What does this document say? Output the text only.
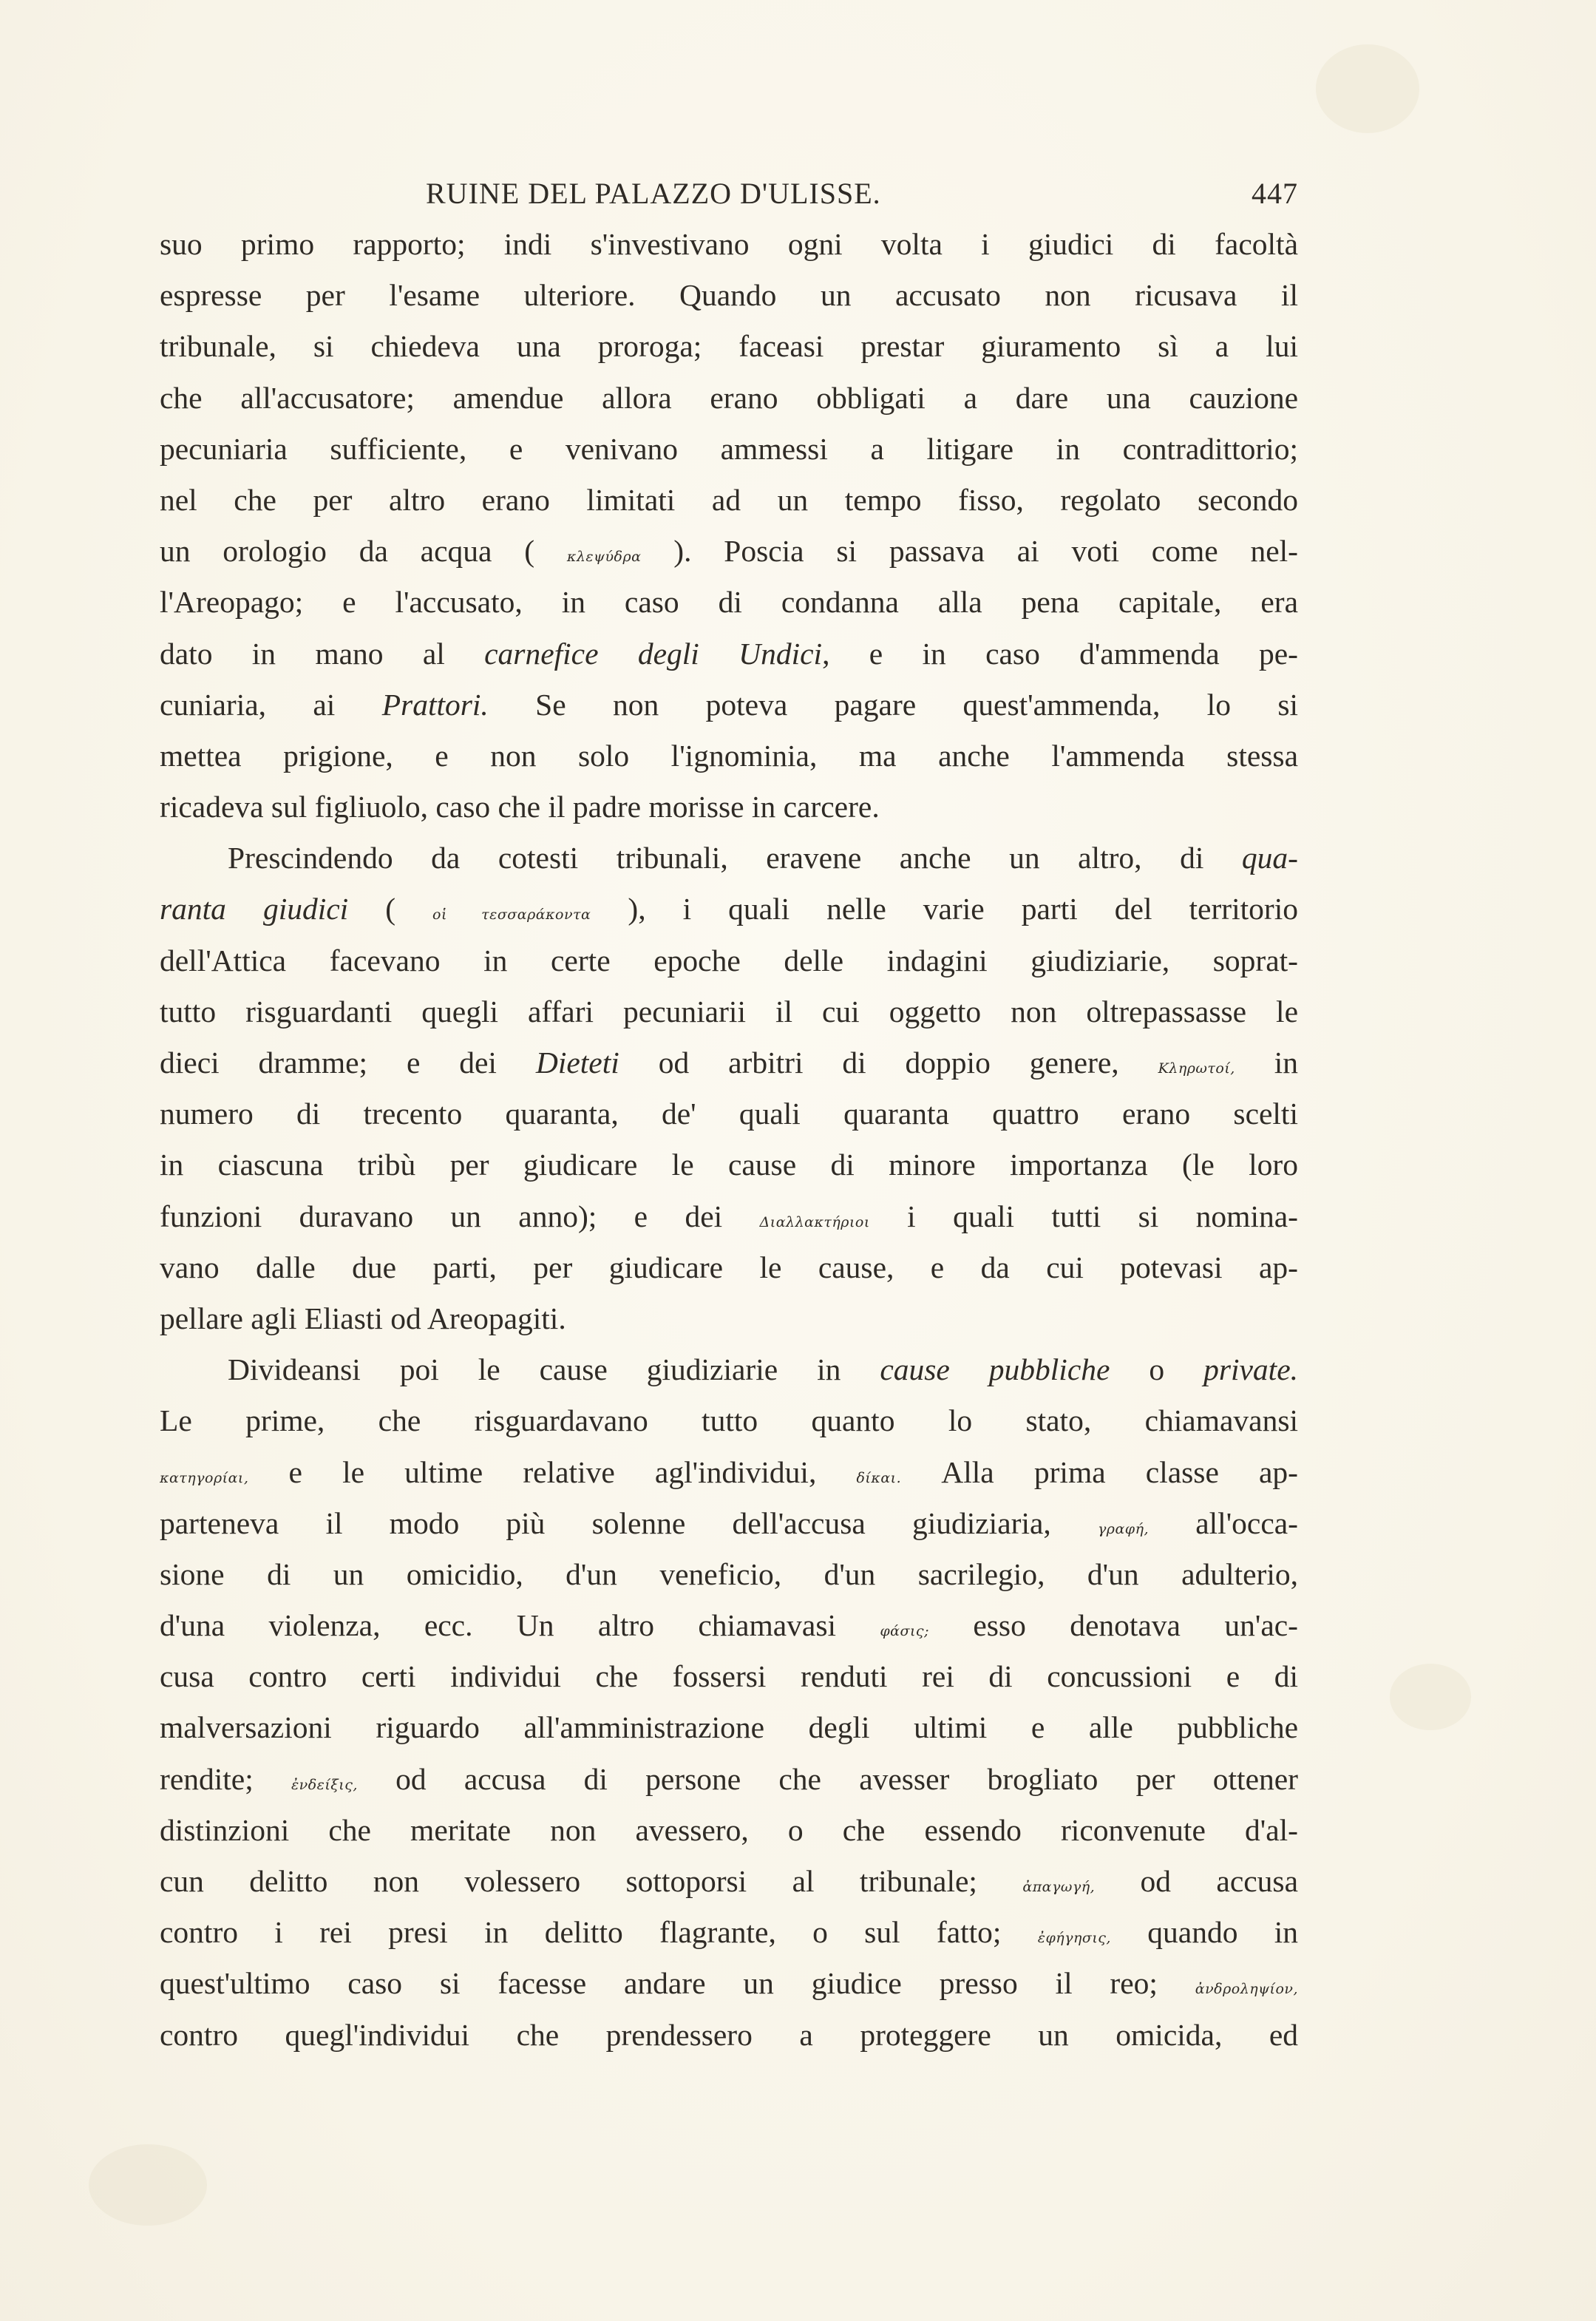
RUINE DEL PALAZZO D'ULISSE.	447
suo primo rapporto; indi s'investivano ogni volta i giudici di facoltà
espresse per l'esame ulteriore. Quando un accusato non ricusava il
tribunale, si chiedeva una proroga; faceasi prestar giuramento sì a lui
che all'accusatore; amendue allora erano obbligati a dare una cauzione
pecuniaria sufficiente, e venivano ammessi a litigare in contradittorio;
nel che per altro erano limitati ad un tempo fisso, regolato secondo
un orologio da acqua ( κλεψύδρα ). Poscia si passava ai voti come nel-
l'Areopago; e l'accusato, in caso di condanna alla pena capitale, era
dato in mano al carnefice degli Undici, e in caso d'ammenda pe-
cuniaria, ai Prattori. Se non poteva pagare quest'ammenda, lo si
mettea prigione, e non solo l'ignominia, ma anche l'ammenda stessa
ricadeva sul figliuolo, caso che il padre morisse in carcere.
Prescindendo da cotesti tribunali, eravene anche un altro, di qua-
ranta giudici ( οἱ τεσσαράκοντα ), i quali nelle varie parti del territorio
dell'Attica facevano in certe epoche delle indagini giudiziarie, soprat-
tutto risguardanti quegli affari pecuniarii il cui oggetto non oltrepassasse le
dieci dramme; e dei Dieteti od arbitri di doppio genere, Κληρωτοί, in
numero di trecento quaranta, de' quali quaranta quattro erano scelti
in ciascuna tribù per giudicare le cause di minore importanza (le loro
funzioni duravano un anno); e dei Διαλλακτήριοι i quali tutti si nomina-
vano dalle due parti, per giudicare le cause, e da cui potevasi ap-
pellare agli Eliasti od Areopagiti.
Divideansi poi le cause giudiziarie in cause pubbliche o private.
Le prime, che risguardavano tutto quanto lo stato, chiamavansi
κατηγορίαι, e le ultime relative agl'individui, δίκαι. Alla prima classe ap-
parteneva il modo più solenne dell'accusa giudiziaria, γραφή, all'occa-
sione di un omicidio, d'un veneficio, d'un sacrilegio, d'un adulterio,
d'una violenza, ecc. Un altro chiamavasi φάσις; esso denotava un'ac-
cusa contro certi individui che fossersi renduti rei di concussioni e di
malversazioni riguardo all'amministrazione degli ultimi e alle pubbliche
rendite; ἐνδείξις, od accusa di persone che avesser brogliato per ottener
distinzioni che meritate non avessero, o che essendo riconvenute d'al-
cun delitto non volessero sottoporsi al tribunale; ἀπαγωγή, od accusa
contro i rei presi in delitto flagrante, o sul fatto; ἐφήγησις, quando in
quest'ultimo caso si facesse andare un giudice presso il reo; ἀνδροληψίον,
contro quegl'individui che prendessero a proteggere un omicida, ed
